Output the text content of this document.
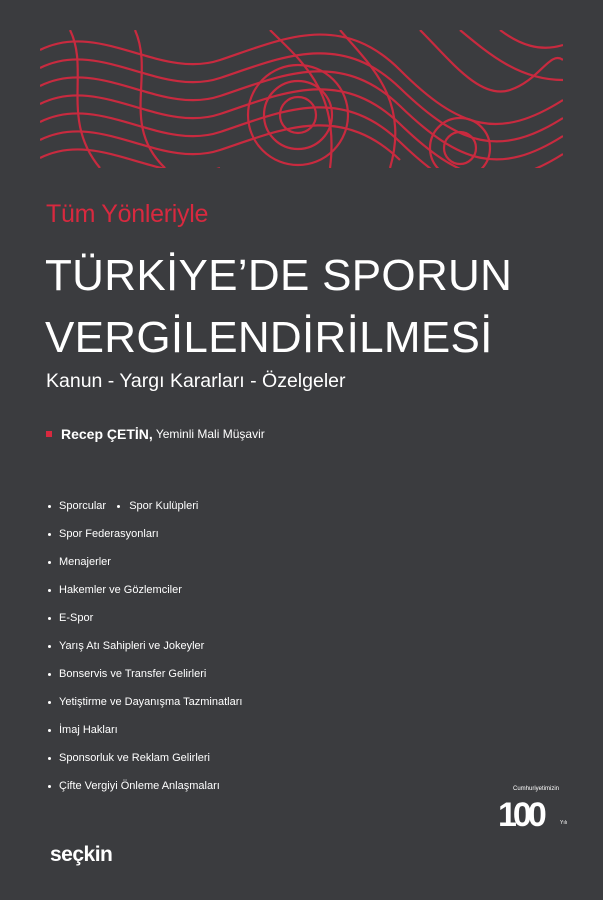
Tüm Yönleriyle
TÜRKİYE’DE SPORUN
VERGİLENDİRİLMESİ
Kanun - Yargı Kararları - Özelgeler
Recep ÇETİN, Yeminli Mali Müşavir
Sporcular Spor Kulüpleri
Spor Federasyonları
Menajerler
Hakemler ve Gözlemciler
E-Spor
Yarış Atı Sahipleri ve Jokeyler
Bonservis ve Transfer Gelirleri
Yetiştirme ve Dayanışma Tazminatları
İmaj Hakları
Sponsorluk ve Reklam Gelirleri
Çifte Vergiyi Önleme Anlaşmaları	Cumhuriyetimizin
100	Yılı
seçkin
